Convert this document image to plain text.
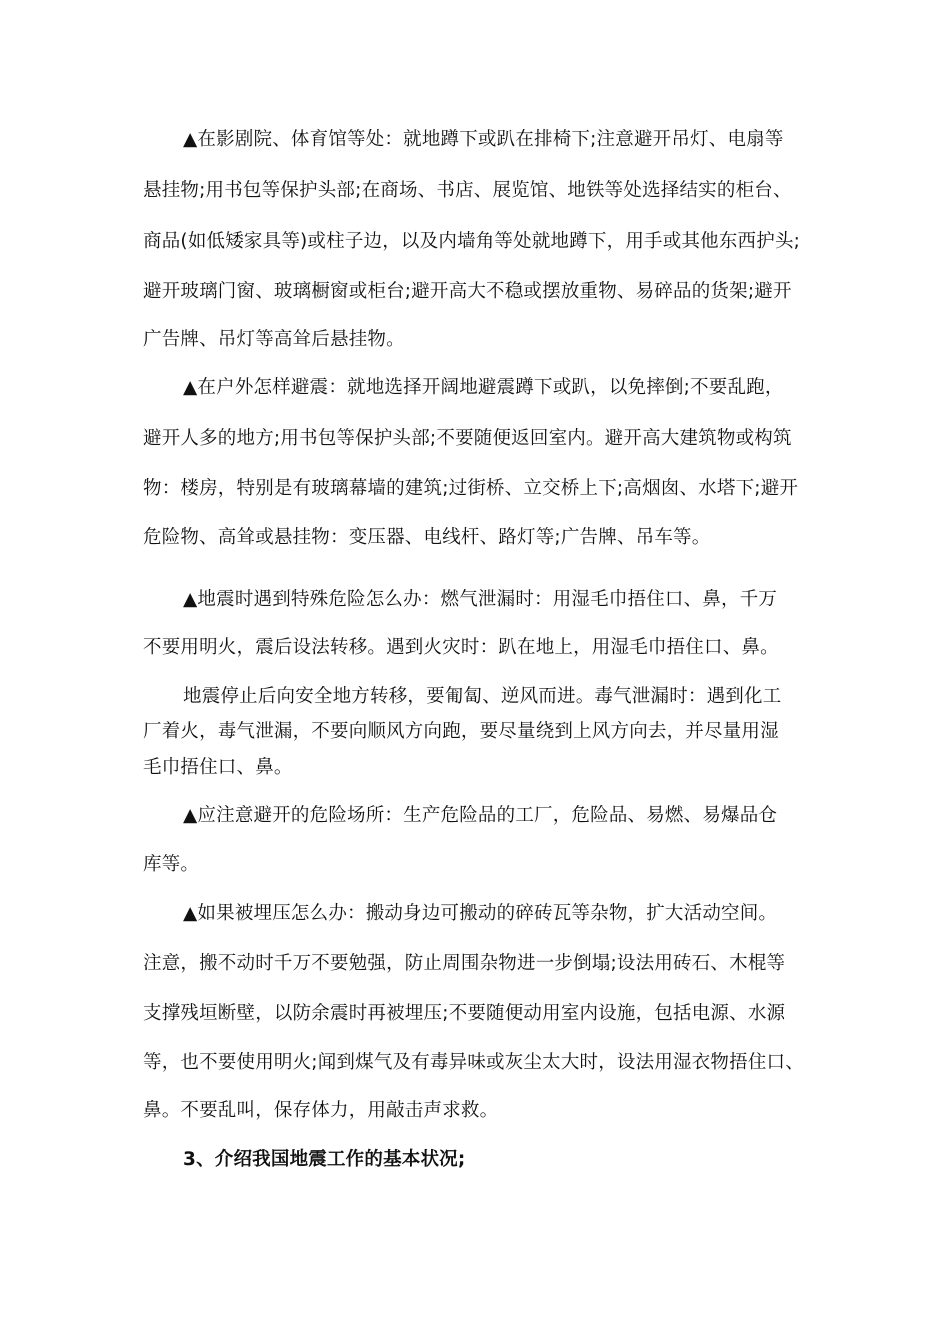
▲在影剧院、体育馆等处：就地蹲下或趴在排椅下;注意避开吊灯、电扇等
悬挂物;用书包等保护头部;在商场、书店、展览馆、地铁等处选择结实的柜台、
商品(如低矮家具等)或柱子边，以及内墙角等处就地蹲下，用手或其他东西护头;
避开玻璃门窗、玻璃橱窗或柜台;避开高大不稳或摆放重物、易碎品的货架;避开
广告牌、吊灯等高耸后悬挂物。
▲在户外怎样避震：就地选择开阔地避震蹲下或趴，以免摔倒;不要乱跑，
避开人多的地方;用书包等保护头部;不要随便返回室内。避开高大建筑物或构筑
物：楼房，特别是有玻璃幕墙的建筑;过街桥、立交桥上下;高烟囱、水塔下;避开
危险物、高耸或悬挂物：变压器、电线杆、路灯等;广告牌、吊车等。
▲地震时遇到特殊危险怎么办：燃气泄漏时：用湿毛巾捂住口、鼻，千万
不要用明火，震后设法转移。遇到火灾时：趴在地上，用湿毛巾捂住口、鼻。
地震停止后向安全地方转移，要匍匐、逆风而进。毒气泄漏时：遇到化工
厂着火，毒气泄漏，不要向顺风方向跑，要尽量绕到上风方向去，并尽量用湿
毛巾捂住口、鼻。
▲应注意避开的危险场所：生产危险品的工厂，危险品、易燃、易爆品仓
库等。
▲如果被埋压怎么办：搬动身边可搬动的碎砖瓦等杂物，扩大活动空间。
注意，搬不动时千万不要勉强，防止周围杂物进一步倒塌;设法用砖石、木棍等
支撑残垣断壁，以防余震时再被埋压;不要随便动用室内设施，包括电源、水源
等，也不要使用明火;闻到煤气及有毒异味或灰尘太大时，设法用湿衣物捂住口、
鼻。不要乱叫，保存体力，用敲击声求救。
3、介绍我国地震工作的基本状况;
